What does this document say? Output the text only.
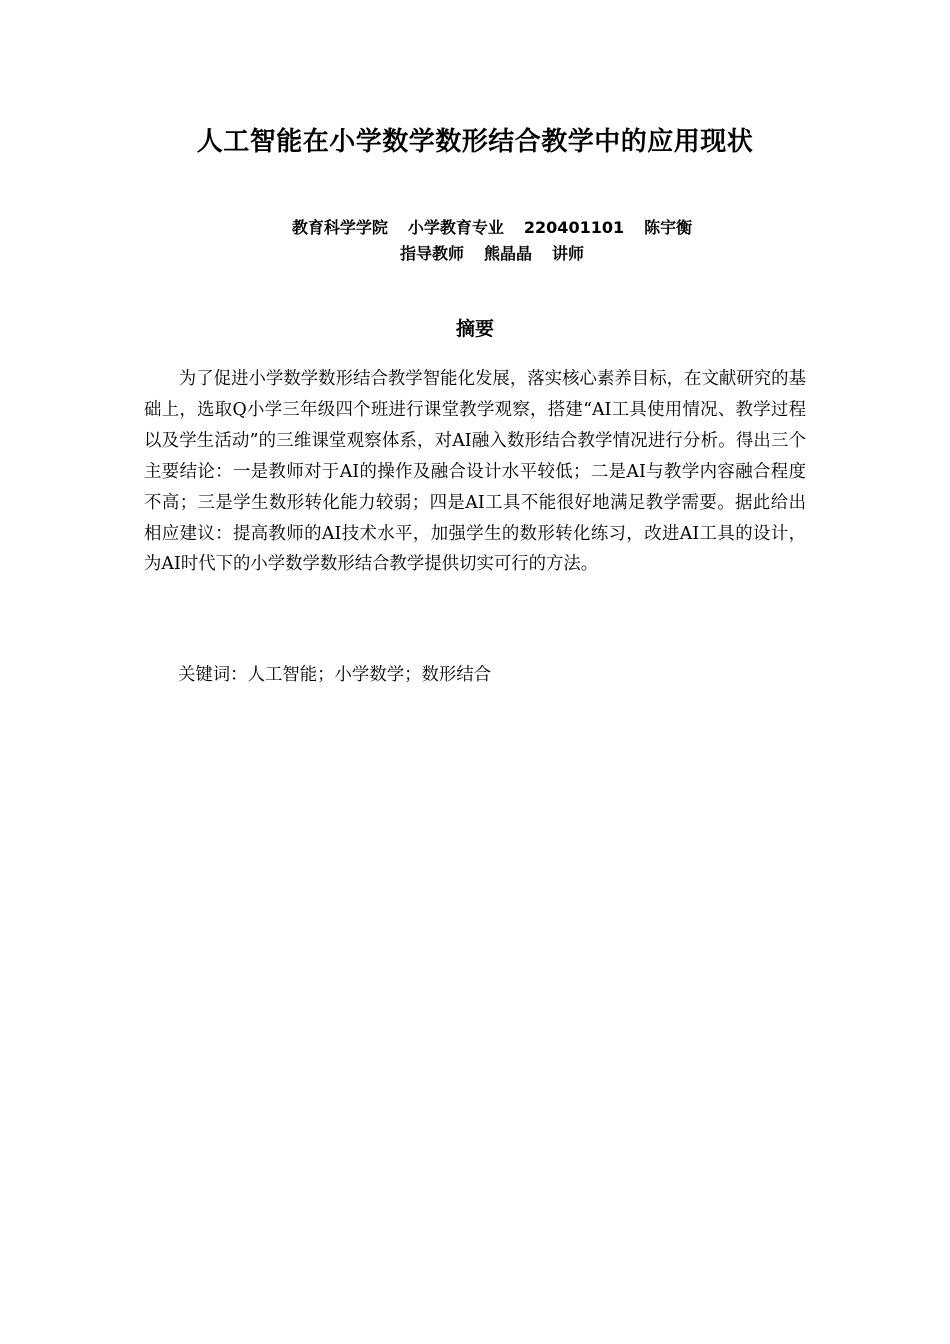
人工智能在小学数学数形结合教学中的应用现状
教育科学学院 小学教育专业 220401101 陈宇衡
指导教师 熊晶晶 讲师
摘要

为了促进小学数学数形结合教学智能化发展，落实核心素养目标，在文献研究的基础上，选取Q小学三年级四个班进行课堂教学观察，搭建“AI工具使用情况、教学过程以及学生活动”的三维课堂观察体系，对AI融入数形结合教学情况进行分析。得出三个主要结论：一是教师对于AI的操作及融合设计水平较低；二是AI与教学内容融合程度不高；三是学生数形转化能力较弱；四是AI工具不能很好地满足教学需要。据此给出相应建议：提高教师的AI技术水平，加强学生的数形转化练习，改进AI工具的设计，为AI时代下的小学数学数形结合教学提供切实可行的方法。

关键词：人工智能；小学数学；数形结合
